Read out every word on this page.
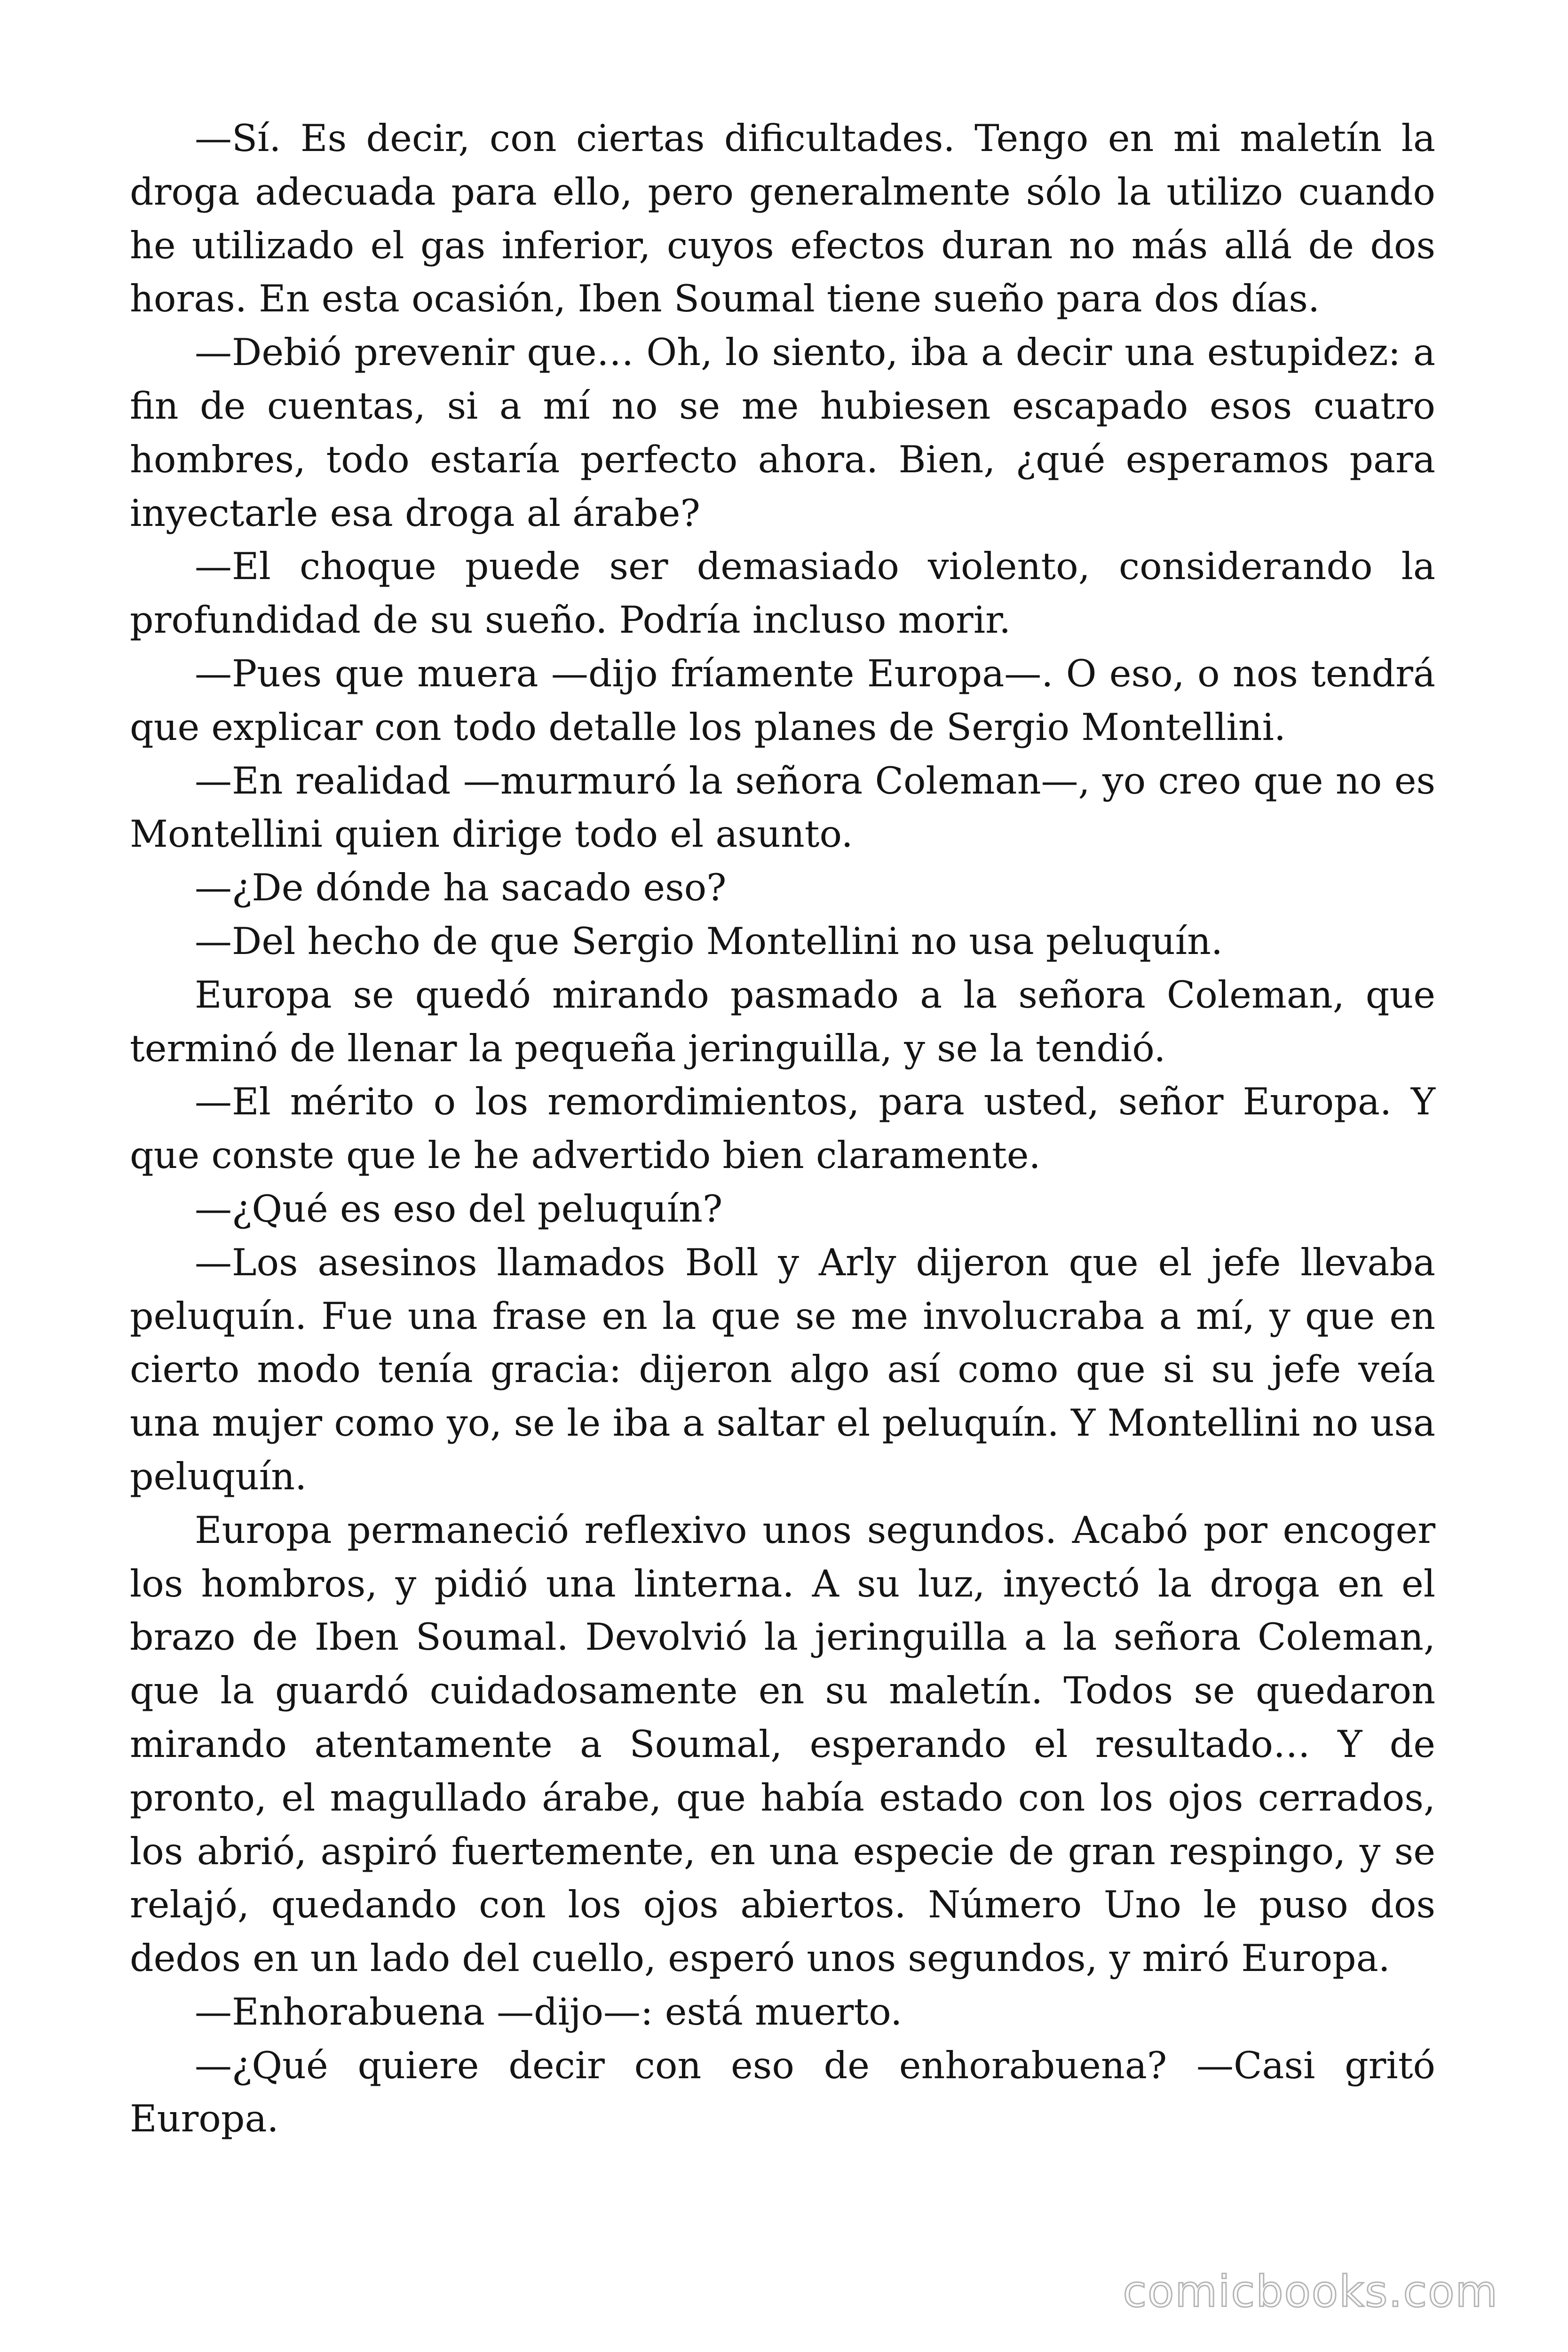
—Sí. Es decir, con ciertas dificultades. Tengo en mi maletín la droga adecuada para ello, pero generalmente sólo la utilizo cuando he utilizado el gas inferior, cuyos efectos duran no más allá de dos horas. En esta ocasión, Iben Soumal tiene sueño para dos días.

—Debió prevenir que… Oh, lo siento, iba a decir una estupidez: a fin de cuentas, si a mí no se me hubiesen escapado esos cuatro hombres, todo estaría perfecto ahora. Bien, ¿qué esperamos para inyectarle esa droga al árabe?

—El choque puede ser demasiado violento, considerando la profundidad de su sueño. Podría incluso morir.

—Pues que muera —dijo fríamente Europa—. O eso, o nos tendrá que explicar con todo detalle los planes de Sergio Montellini.

—En realidad —murmuró la señora Coleman—, yo creo que no es Montellini quien dirige todo el asunto.

—¿De dónde ha sacado eso?

—Del hecho de que Sergio Montellini no usa peluquín.

Europa se quedó mirando pasmado a la señora Coleman, que terminó de llenar la pequeña jeringuilla, y se la tendió.

—El mérito o los remordimientos, para usted, señor Europa. Y que conste que le he advertido bien claramente.

—¿Qué es eso del peluquín?

—Los asesinos llamados Boll y Arly dijeron que el jefe llevaba peluquín. Fue una frase en la que se me involucraba a mí, y que en cierto modo tenía gracia: dijeron algo así como que si su jefe veía una mujer como yo, se le iba a saltar el peluquín. Y Montellini no usa peluquín.

Europa permaneció reflexivo unos segundos. Acabó por encoger los hombros, y pidió una linterna. A su luz, inyectó la droga en el brazo de Iben Soumal. Devolvió la jeringuilla a la señora Coleman, que la guardó cuidadosamente en su maletín. Todos se quedaron mirando atentamente a Soumal, esperando el resultado… Y de pronto, el magullado árabe, que había estado con los ojos cerrados, los abrió, aspiró fuertemente, en una especie de gran respingo, y se relajó, quedando con los ojos abiertos. Número Uno le puso dos dedos en un lado del cuello, esperó unos segundos, y miró Europa.

—Enhorabuena —dijo—: está muerto.

—¿Qué quiere decir con eso de enhorabuena? —Casi gritó Europa.

comicbooks.com
